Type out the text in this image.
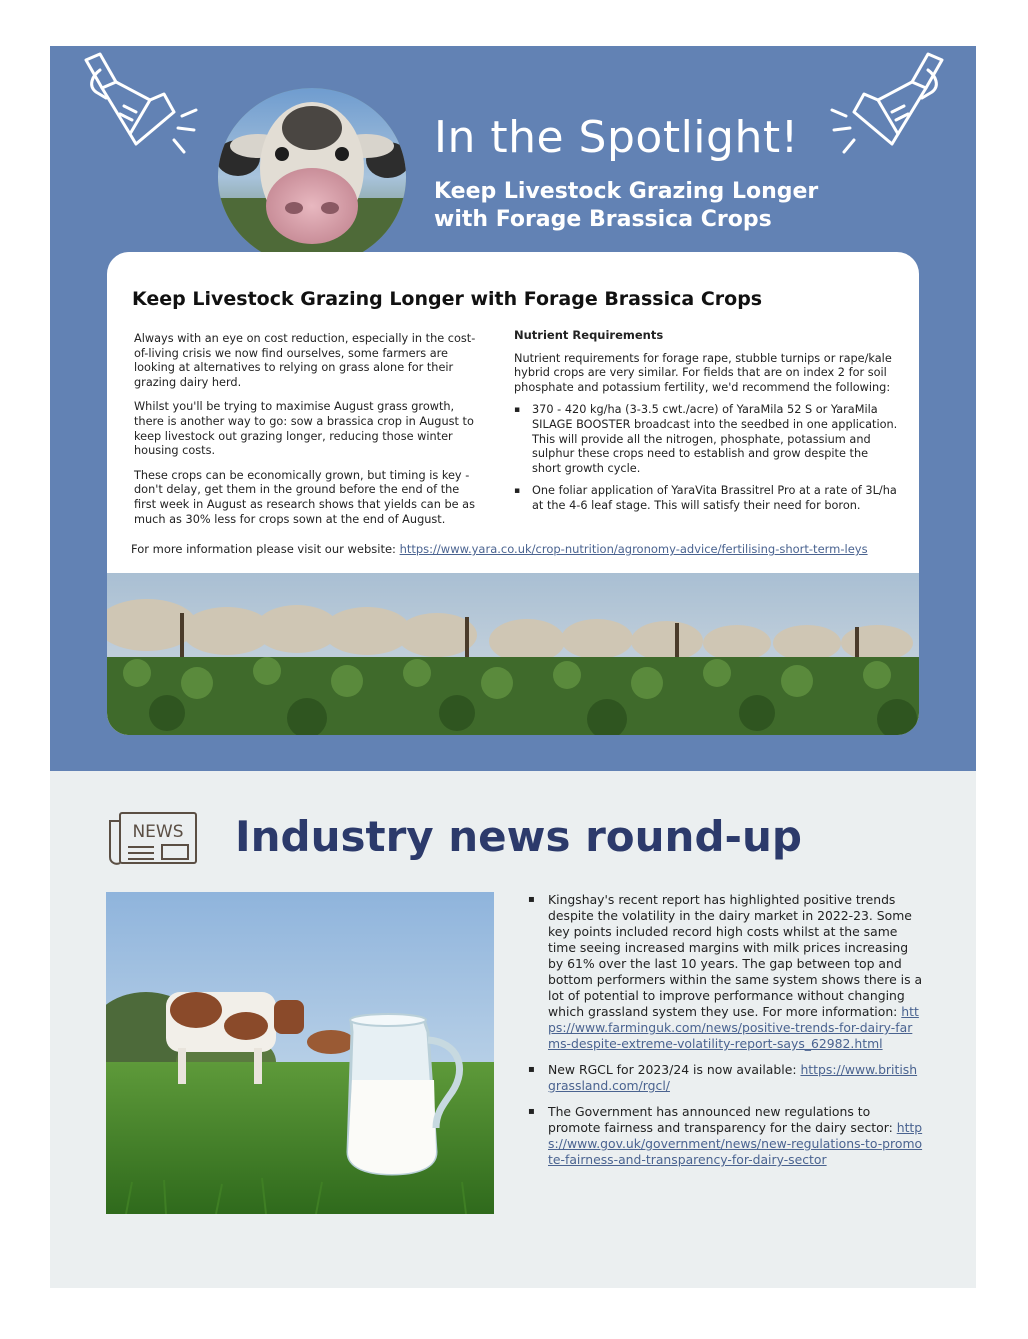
In the Spotlight!
Keep Livestock Grazing Longer with Forage Brassica Crops
Keep Livestock Grazing Longer with Forage Brassica Crops

Always with an eye on cost reduction, especially in the cost-of-living crisis we now find ourselves, some farmers are looking at alternatives to relying on grass alone for their grazing dairy herd.

Whilst you'll be trying to maximise August grass growth, there is another way to go: sow a brassica crop in August to keep livestock out grazing longer, reducing those winter housing costs.

These crops can be economically grown, but timing is key - don't delay, get them in the ground before the end of the first week in August as research shows that yields can be as much as 30% less for crops sown at the end of August.

Nutrient Requirements

Nutrient requirements for forage rape, stubble turnips or rape/kale hybrid crops are very similar. For fields that are on index 2 for soil phosphate and potassium fertility, we'd recommend the following:

▪ 370 - 420 kg/ha (3-3.5 cwt./acre) of YaraMila 52 S or YaraMila SILAGE BOOSTER broadcast into the seedbed in one application. This will provide all the nitrogen, phosphate, potassium and sulphur these crops need to establish and grow despite the short growth cycle.
▪ One foliar application of YaraVita Brassitrel Pro at a rate of 3L/ha at the 4-6 leaf stage. This will satisfy their need for boron.
For more information please visit our website: https://www.yara.co.uk/crop-nutrition/agronomy-advice/fertilising-short-term-leys
NEWS Industry news round-up
▪ Kingshay's recent report has highlighted positive trends despite the volatility in the dairy market in 2022-23. Some key points included record high costs whilst at the same time seeing increased margins with milk prices increasing by 61% over the last 10 years. The gap between top and bottom performers within the same system shows there is a lot of potential to improve performance without changing which grassland system they use. For more information: https://www.farminguk.com/news/positive-trends-for-dairy-farms-despite-extreme-volatility-report-says_62982.html
▪ New RGCL for 2023/24 is now available: https://www.britishgrassland.com/rgcl/
▪ The Government has announced new regulations to promote fairness and transparency for the dairy sector: https://www.gov.uk/government/news/new-regulations-to-promote-fairness-and-transparency-for-dairy-sector
